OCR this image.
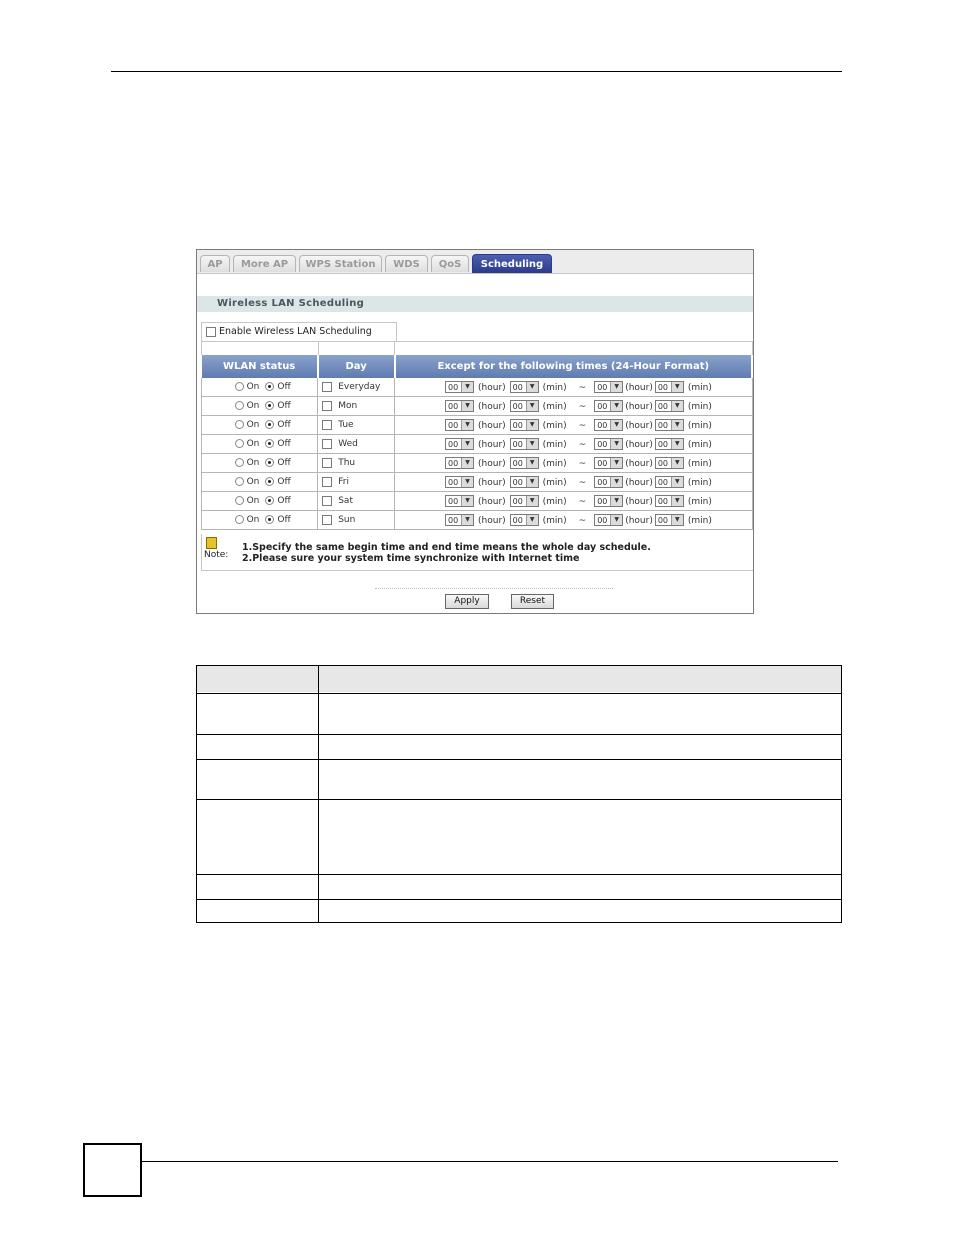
AP	More AP	WPS Station	WDS	QoS	Scheduling
Wireless LAN Scheduling
Enable Wireless LAN Scheduling
WLAN status	Day	Except for the following times (24-Hour Format)
On Off	Everyday	00 ▼ (hour) 00 ▼ (min) ~ 00 ▼ (hour) 00 ▼ (min)
On Off	Mon	00 ▼ (hour) 00 ▼ (min) ~ 00 ▼ (hour) 00 ▼ (min)
On Off	Tue	00 ▼ (hour) 00 ▼ (min) ~ 00 ▼ (hour) 00 ▼ (min)
On Off	Wed	00 ▼ (hour) 00 ▼ (min) ~ 00 ▼ (hour) 00 ▼ (min)
On Off	Thu	00 ▼ (hour) 00 ▼ (min) ~ 00 ▼ (hour) 00 ▼ (min)
On Off	Fri	00 ▼ (hour) 00 ▼ (min) ~ 00 ▼ (hour) 00 ▼ (min)
On Off	Sat	00 ▼ (hour) 00 ▼ (min) ~ 00 ▼ (hour) 00 ▼ (min)
On Off	Sun	00 ▼ (hour) 00 ▼ (min) ~ 00 ▼ (hour) 00 ▼ (min)
Note:
1.Specify the same begin time and end time means the whole day schedule.
2.Please sure your system time synchronize with Internet time
Apply	Reset
